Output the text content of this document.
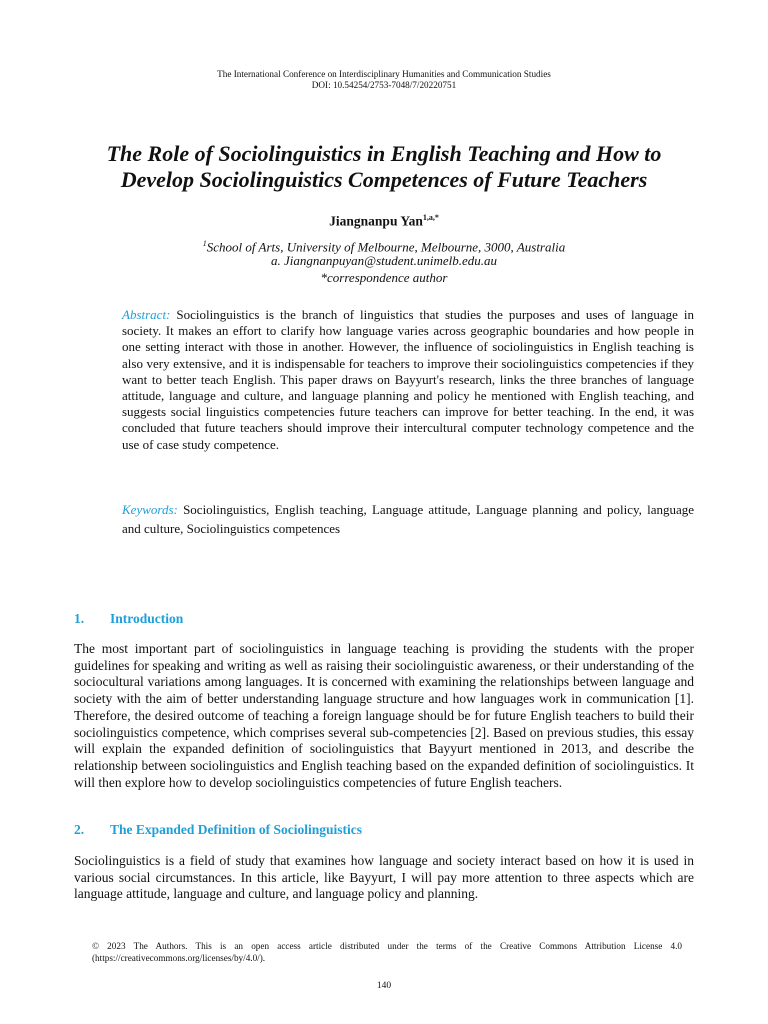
The International Conference on Interdisciplinary Humanities and Communication Studies
DOI: 10.54254/2753-7048/7/20220751
The Role of Sociolinguistics in English Teaching and How to
Develop Sociolinguistics Competences of Future Teachers
Jiangnanpu Yan$^{1,a,*}$
$^1$School of Arts, University of Melbourne, Melbourne, 3000, Australia
a. Jiangnanpuyan@student.unimelb.edu.au
*correspondence author
Abstract: Sociolinguistics is the branch of linguistics that studies the purposes and uses of language in society. It makes an effort to clarify how language varies across geographic boundaries and how people in one setting interact with those in another. However, the influence of sociolinguistics in English teaching is also very extensive, and it is indispensable for teachers to improve their sociolinguistics competencies if they want to better teach English. This paper draws on Bayyurt's research, links the three branches of language attitude, language and culture, and language planning and policy he mentioned with English teaching, and suggests social linguistics competencies future teachers can improve for better teaching. In the end, it was concluded that future teachers should improve their intercultural computer technology competence and the use of case study competence.
Keywords: Sociolinguistics, English teaching, Language attitude, Language planning and policy, language and culture, Sociolinguistics competences
1. Introduction
The most important part of sociolinguistics in language teaching is providing the students with the proper guidelines for speaking and writing as well as raising their sociolinguistic awareness, or their understanding of the sociocultural variations among languages. It is concerned with examining the relationships between language and society with the aim of better understanding language structure and how languages work in communication [1]. Therefore, the desired outcome of teaching a foreign language should be for future English teachers to build their sociolinguistics competence, which comprises several sub-competencies [2]. Based on previous studies, this essay will explain the expanded definition of sociolinguistics that Bayyurt mentioned in 2013, and describe the relationship between sociolinguistics and English teaching based on the expanded definition of sociolinguistics. It will then explore how to develop sociolinguistics competencies of future English teachers.
2. The Expanded Definition of Sociolinguistics
Sociolinguistics is a field of study that examines how language and society interact based on how it is used in various social circumstances. In this article, like Bayyurt, I will pay more attention to three aspects which are language attitude, language and culture, and language policy and planning.
© 2023 The Authors. This is an open access article distributed under the terms of the Creative Commons Attribution License 4.0 (https://creativecommons.org/licenses/by/4.0/).
140
